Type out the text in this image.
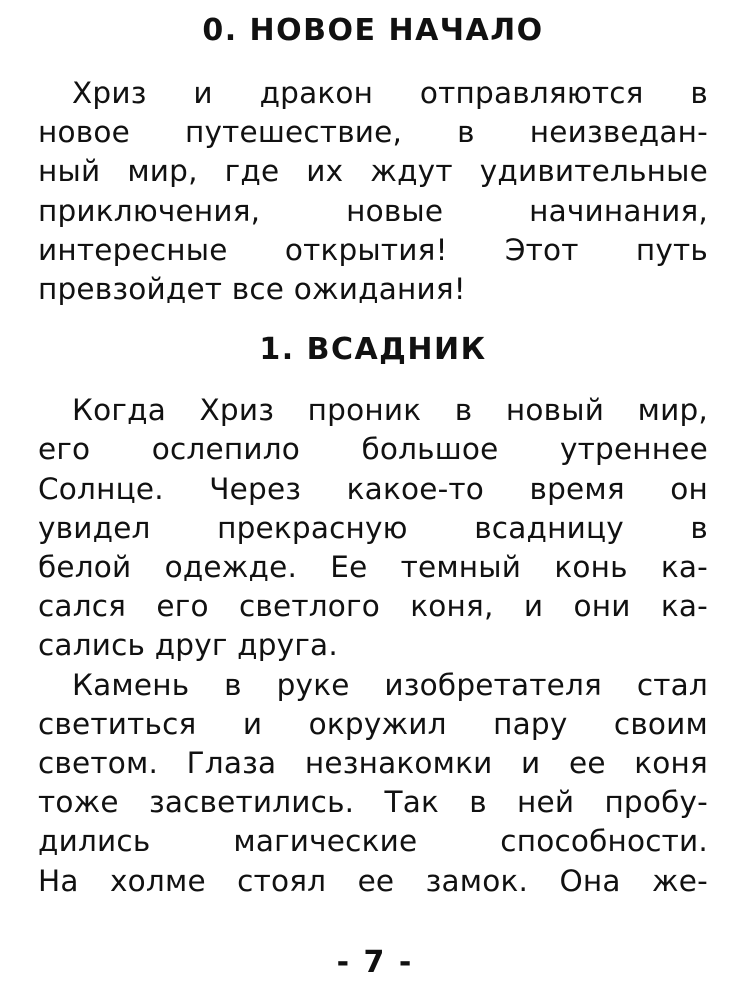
0. НОВОЕ НАЧАЛО

Хриз и дракон отправляются в
новое путешествие, в неизведан-
ный мир, где их ждут удивительные
приключения, новые начинания,
интересные открытия! Этот путь
превзойдет все ожидания!

1. ВСАДНИК

Когда Хриз проник в новый мир,
его ослепило большое утреннее
Солнце. Через какое-то время он
увидел прекрасную всадницу в
белой одежде. Ее темный конь ка-
сался его светлого коня, и они ка-
сались друг друга.

Камень в руке изобретателя стал
светиться и окружил пару своим
светом. Глаза незнакомки и ее коня
тоже засветились. Так в ней пробу-
дились магические способности.
На холме стоял ее замок. Она же-

- 7 -
